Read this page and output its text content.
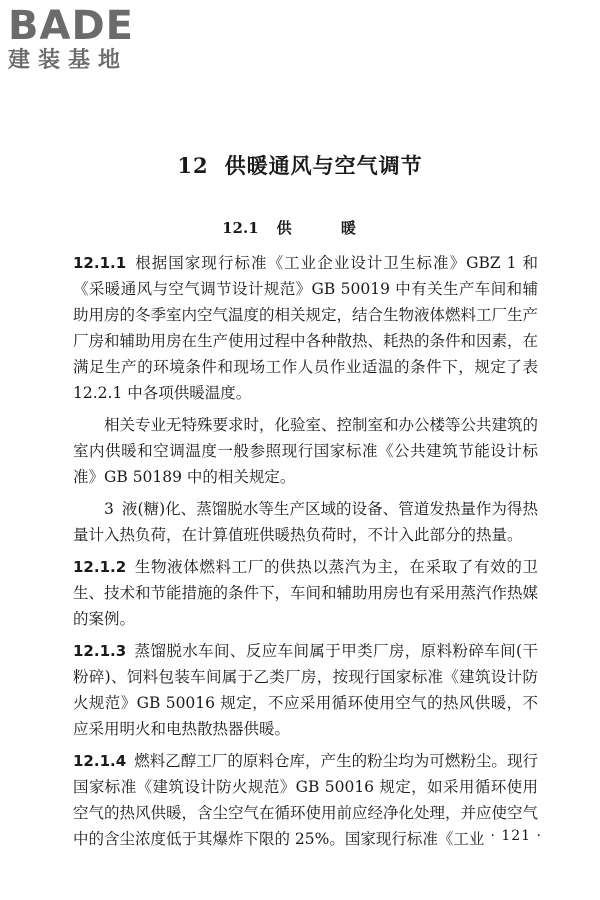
BADE
建装基地
12 供暖通风与空气调节
12.1 供 暖

12.1.1 根据国家现行标准《工业企业设计卫生标准》GBZ 1 和《采暖通风与空气调节设计规范》GB 50019 中有关生产车间和辅助用房的冬季室内空气温度的相关规定，结合生物液体燃料工厂生产厂房和辅助用房在生产使用过程中各种散热、耗热的条件和因素，在满足生产的环境条件和现场工作人员作业适温的条件下，规定了表 12.2.1 中各项供暖温度。

相关专业无特殊要求时，化验室、控制室和办公楼等公共建筑的室内供暖和空调温度一般参照现行国家标准《公共建筑节能设计标准》GB 50189 中的相关规定。

3 液(糖)化、蒸馏脱水等生产区域的设备、管道发热量作为得热量计入热负荷，在计算值班供暖热负荷时，不计入此部分的热量。

12.1.2 生物液体燃料工厂的供热以蒸汽为主，在采取了有效的卫生、技术和节能措施的条件下，车间和辅助用房也有采用蒸汽作热媒的案例。

12.1.3 蒸馏脱水车间、反应车间属于甲类厂房，原料粉碎车间(干粉碎)、饲料包装车间属于乙类厂房，按现行国家标准《建筑设计防火规范》GB 50016 规定，不应采用循环使用空气的热风供暖，不应采用明火和电热散热器供暖。

12.1.4 燃料乙醇工厂的原料仓库，产生的粉尘均为可燃粉尘。现行国家标准《建筑设计防火规范》GB 50016 规定，如采用循环使用空气的热风供暖，含尘空气在循环使用前应经净化处理，并应使空气中的含尘浓度低于其爆炸下限的 25%。国家现行标准《工业 · 121 ·
